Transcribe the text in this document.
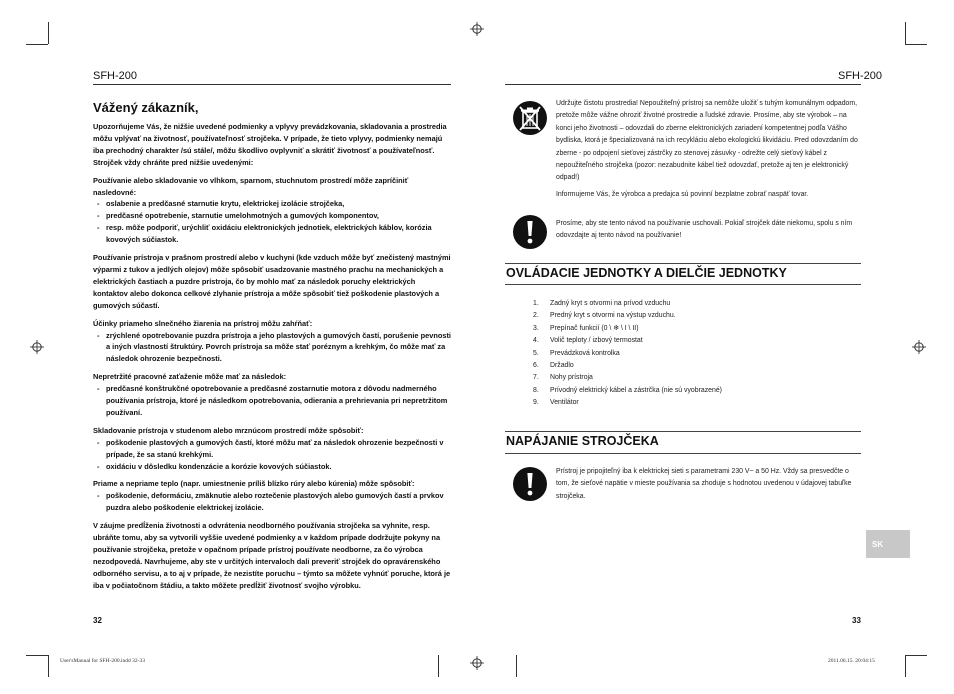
SFH-200	SFH-200
Vážený zákazník,

Upozorňujeme Vás, že nižšie uvedené podmienky a vplyvy prevádzkovania, skladovania a prostredia môžu vplývať na životnosť, používateľnosť strojčeka. V prípade, že tieto vplyvy, podmienky nemajú iba prechodný charakter /sú stále/, môžu škodlivo ovplyvniť a skrátiť životnosť a používateľnosť. Strojček vždy chráňte pred nižšie uvedenými:

Používanie alebo skladovanie vo vlhkom, sparnom, stuchnutom prostredí môže zapríčiniť nasledovné:

- oslabenie a predčasné starnutie krytu, elektrickej izolácie strojčeka,
- predčasné opotrebenie, starnutie umelohmotných a gumových komponentov,
- resp. môže podporiť, urýchliť oxidáciu elektronických jednotiek, elektrických káblov, korózia kovových súčiastok.

Používanie prístroja v prašnom prostredí alebo v kuchyni (kde vzduch môže byť znečistený mastnými výparmi z tukov a jedlých olejov) môže spôsobiť usadzovanie mastného prachu na mechanických a elektrických častiach a puzdre prístroja, čo by mohlo mať za následok poruchy elektrických kontaktov alebo dokonca celkové zlyhanie prístroja a môže spôsobiť tiež poškodenie plastových a gumových súčastí.

Účinky priameho slnečného žiarenia na prístroj môžu zahŕňať:

- zrýchlené opotrebovanie puzdra prístroja a jeho plastových a gumových častí, porušenie pevnosti a iných vlastností štruktúry. Povrch prístroja sa môže stať poréznym a krehkým, čo môže mať za následok ohrozenie bezpečnosti.

Nepretržité pracovné zaťaženie môže mať za následok:

- predčasné konštrukčné opotrebovanie a predčasné zostarnutie motora z dôvodu nadmerného používania prístroja, ktoré je následkom opotrebovania, odierania a prehrievania pri nepretržitom používaní.

Skladovanie prístroja v studenom alebo mrznúcom prostredí môže spôsobiť:

- poškodenie plastových a gumových častí, ktoré môžu mať za následok ohrozenie bezpečnosti v prípade, že sa stanú krehkými.
- oxidáciu v dôsledku kondenzácie a korózie kovových súčiastok.

Priame a nepriame teplo (napr. umiestnenie príliš blízko rúry alebo kúrenia) môže spôsobiť:

- poškodenie, deformáciu, zmäknutie alebo roztečenie plastových alebo gumových častí a prvkov puzdra alebo poškodenie elektrickej izolácie.

V záujme predĺženia životnosti a odvrátenia neodborného používania strojčeka sa vyhnite, resp. ubráňte tomu, aby sa vytvorili vyššie uvedené podmienky a v každom prípade dodržujte pokyny na používanie strojčeka, pretože v opačnom prípade prístroj používate neodborne, za čo výrobca nezodpovedá. Navrhujeme, aby ste v určitých intervaloch dali preveriť strojček do opravárenského odborného servisu, a to aj v prípade, že nezistíte poruchu – týmto sa môžete vyhnúť poruche, ktorá je iba v počiatočnom štádiu, a takto môžete predĺžiť životnosť svojho výrobku.

32
Udržujte čistotu prostredia! Nepoužiteľný prístroj sa nemôže uložiť s tuhým komunálnym odpadom, pretože môže vážne ohroziť životné prostredie a ľudské zdravie. Prosíme, aby ste výrobok – na konci jeho životnosti – odovzdali do zberne elektronických zariadení kompetentnej podľa Vášho bydliska, ktorá je špecializovaná na ich recykláciu alebo ekologickú likvidáciu. Pred odovzdaním do zberne - po odpojení sieťovej zástrčky zo stenovej zásuvky - odrežte celý sieťový kábel z nepoužiteľného strojčeka (pozor: nezabudnite kábel tiež odovzdať, pretože aj ten je elektronický odpad!)
Informujeme Vás, že výrobca a predajca sú povinní bezplatne zobrať naspäť tovar.
Prosíme, aby ste tento návod na používanie uschovali. Pokiaľ strojček dáte niekomu, spolu s ním odovzdajte aj tento návod na používanie!
OVLÁDACIE JEDNOTKY A DIELČIE JEDNOTKY
1. Zadný kryt s otvormi na prívod vzduchu
2. Predný kryt s otvormi na výstup vzduchu.
3. Prepínač funkcií (0 \ ❄ \ I \ II)
4. Volič teploty / izbový termostat
5. Prevádzková kontrolka
6. Držadlo
7. Nohy prístroja
8. Prívodný elektrický kábel a zástrčka (nie sú vyobrazené)
9. Ventilátor
NAPÁJANIE STROJČEKA
Prístroj je pripojiteľný iba k elektrickej sieti s parametrami 230 V~ a 50 Hz. Vždy sa presvedčte o tom, že sieťové napätie v mieste používania sa zhoduje s hodnotou uvedenou v údajovej tabuľke strojčeka.
SK
33
User'sManual for SFH-200.indd 32-33	2011.06.15. 20:04:15
